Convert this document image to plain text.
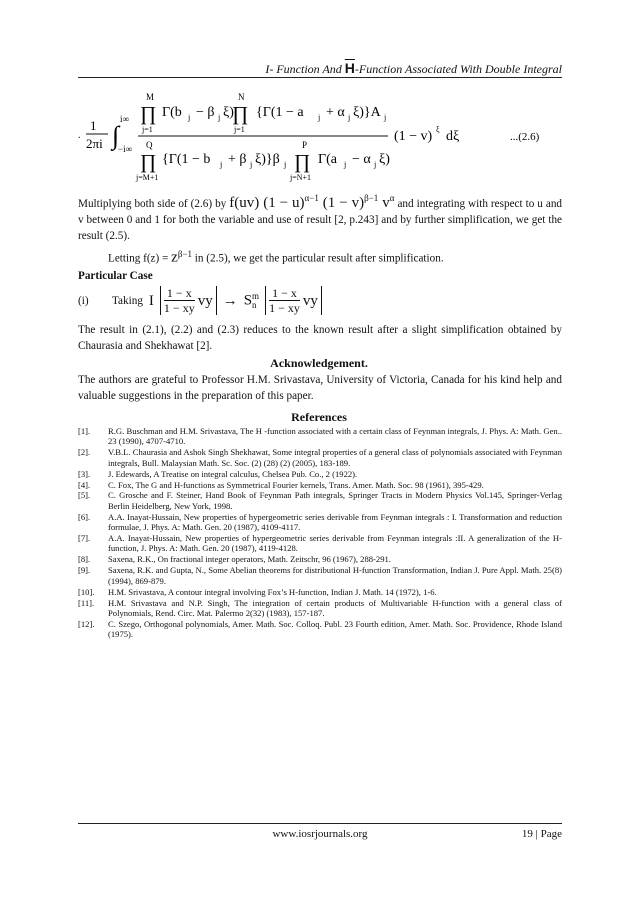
I- Function And $\overline{H}$-Function Associated With Double Integral
.
1
2πi ∫
i∞
−i∞
M
∏
j=1
Γ(b j − β j ξ)
N
∏
j=1
{Γ(1 − a j + α j ξ)}A j
Q
∏
j=M+1
{Γ(1 − b j + β j ξ)}β j
P
∏
j=N+1
Γ(a j − α j ξ)
(1 − v) ξ dξ	...(2.6)
Multiplying both side of (2.6) by f(uv) $(1 - u)^{\alpha-1}$ $(1 - v)^{\beta-1}$ $v^\alpha$ and integrating with respect to u and v between 0 and 1 for both the variable and use of result [2, p.243] and by further simplification, we get the result (2.5).
Letting $f(z) = z^{\beta-1}$ in (2.5), we get the particular result after simplification.
Particular Case
(i)	Taking I $\frac{1 - x}{1 - xy}$ vy → S m
n $\frac{1 - x}{1 - xy}$ vy
The result in (2.1), (2.2) and (2.3) reduces to the known result after a slight simplification obtained by Chaurasia and Shekhawat [2].
Acknowledgement.
The authors are grateful to Professor H.M. Srivastava, University of Victoria, Canada for his kind help and valuable suggestions in the preparation of this paper.
References
[1].	R.G. Buschman and H.M. Srivastava, The H -function associated with a certain class of Feynman integrals, J. Phys. A: Math. Gen.. 23 (1990), 4707-4710.
[2].	V.B.L. Chaurasia and Ashok Singh Shekhawat, Some integral properties of a general class of polynomials associated with Feynman integrals, Bull. Malaysian Math. Sc. Soc. (2) (28) (2) (2005), 183-189.
[3].	J. Edewards, A Treatise on integral calculus, Chelsea Pub. Co., 2 (1922).
[4].	C. Fox, The G and H-functions as Symmetrical Fourier kernels, Trans. Amer. Math. Soc. 98 (1961), 395-429.
[5].	C. Grosche and F. Steiner, Hand Book of Feynman Path integrals, Springer Tracts in Modern Physics Vol.145, Springer-Verlag Berlin Heidelberg, New York, 1998.
[6].	A.A. Inayat-Hussain, New properties of hypergeometric series derivable from Feynman integrals : I. Transformation and reduction formulae, J. Phys. A: Math. Gen. 20 (1987), 4109-4117.
[7].	A.A. Inayat-Hussain, New properties of hypergeometric series derivable from Feynman integrals :II. A generalization of the H-function, J. Phys. A: Math. Gen. 20 (1987), 4119-4128.
[8].	Saxena, R.K., On fractional integer operators, Math. Zeitschr, 96 (1967), 288-291.
[9].	Saxena, R.K. and Gupta, N., Some Abelian theorems for distributional H-function Transformation, Indian J. Pure Appl. Math. 25(8) (1994), 869-879.
[10].	H.M. Srivastava, A contour integral involving Fox’s H-function, Indian J. Math. 14 (1972), 1-6.
[11].	H.M. Srivastava and N.P. Singh, The integration of certain products of Multivariable H-function with a general class of Polynomials, Rend. Circ. Mat. Palermo 2(32) (1983), 157-187.
[12].	C. Szego, Orthogonal polynomials, Amer. Math. Soc. Colloq. Publ. 23 Fourth edition, Amer. Math. Soc. Providence, Rhode Island (1975).
www.iosrjournals.org	19 | Page
